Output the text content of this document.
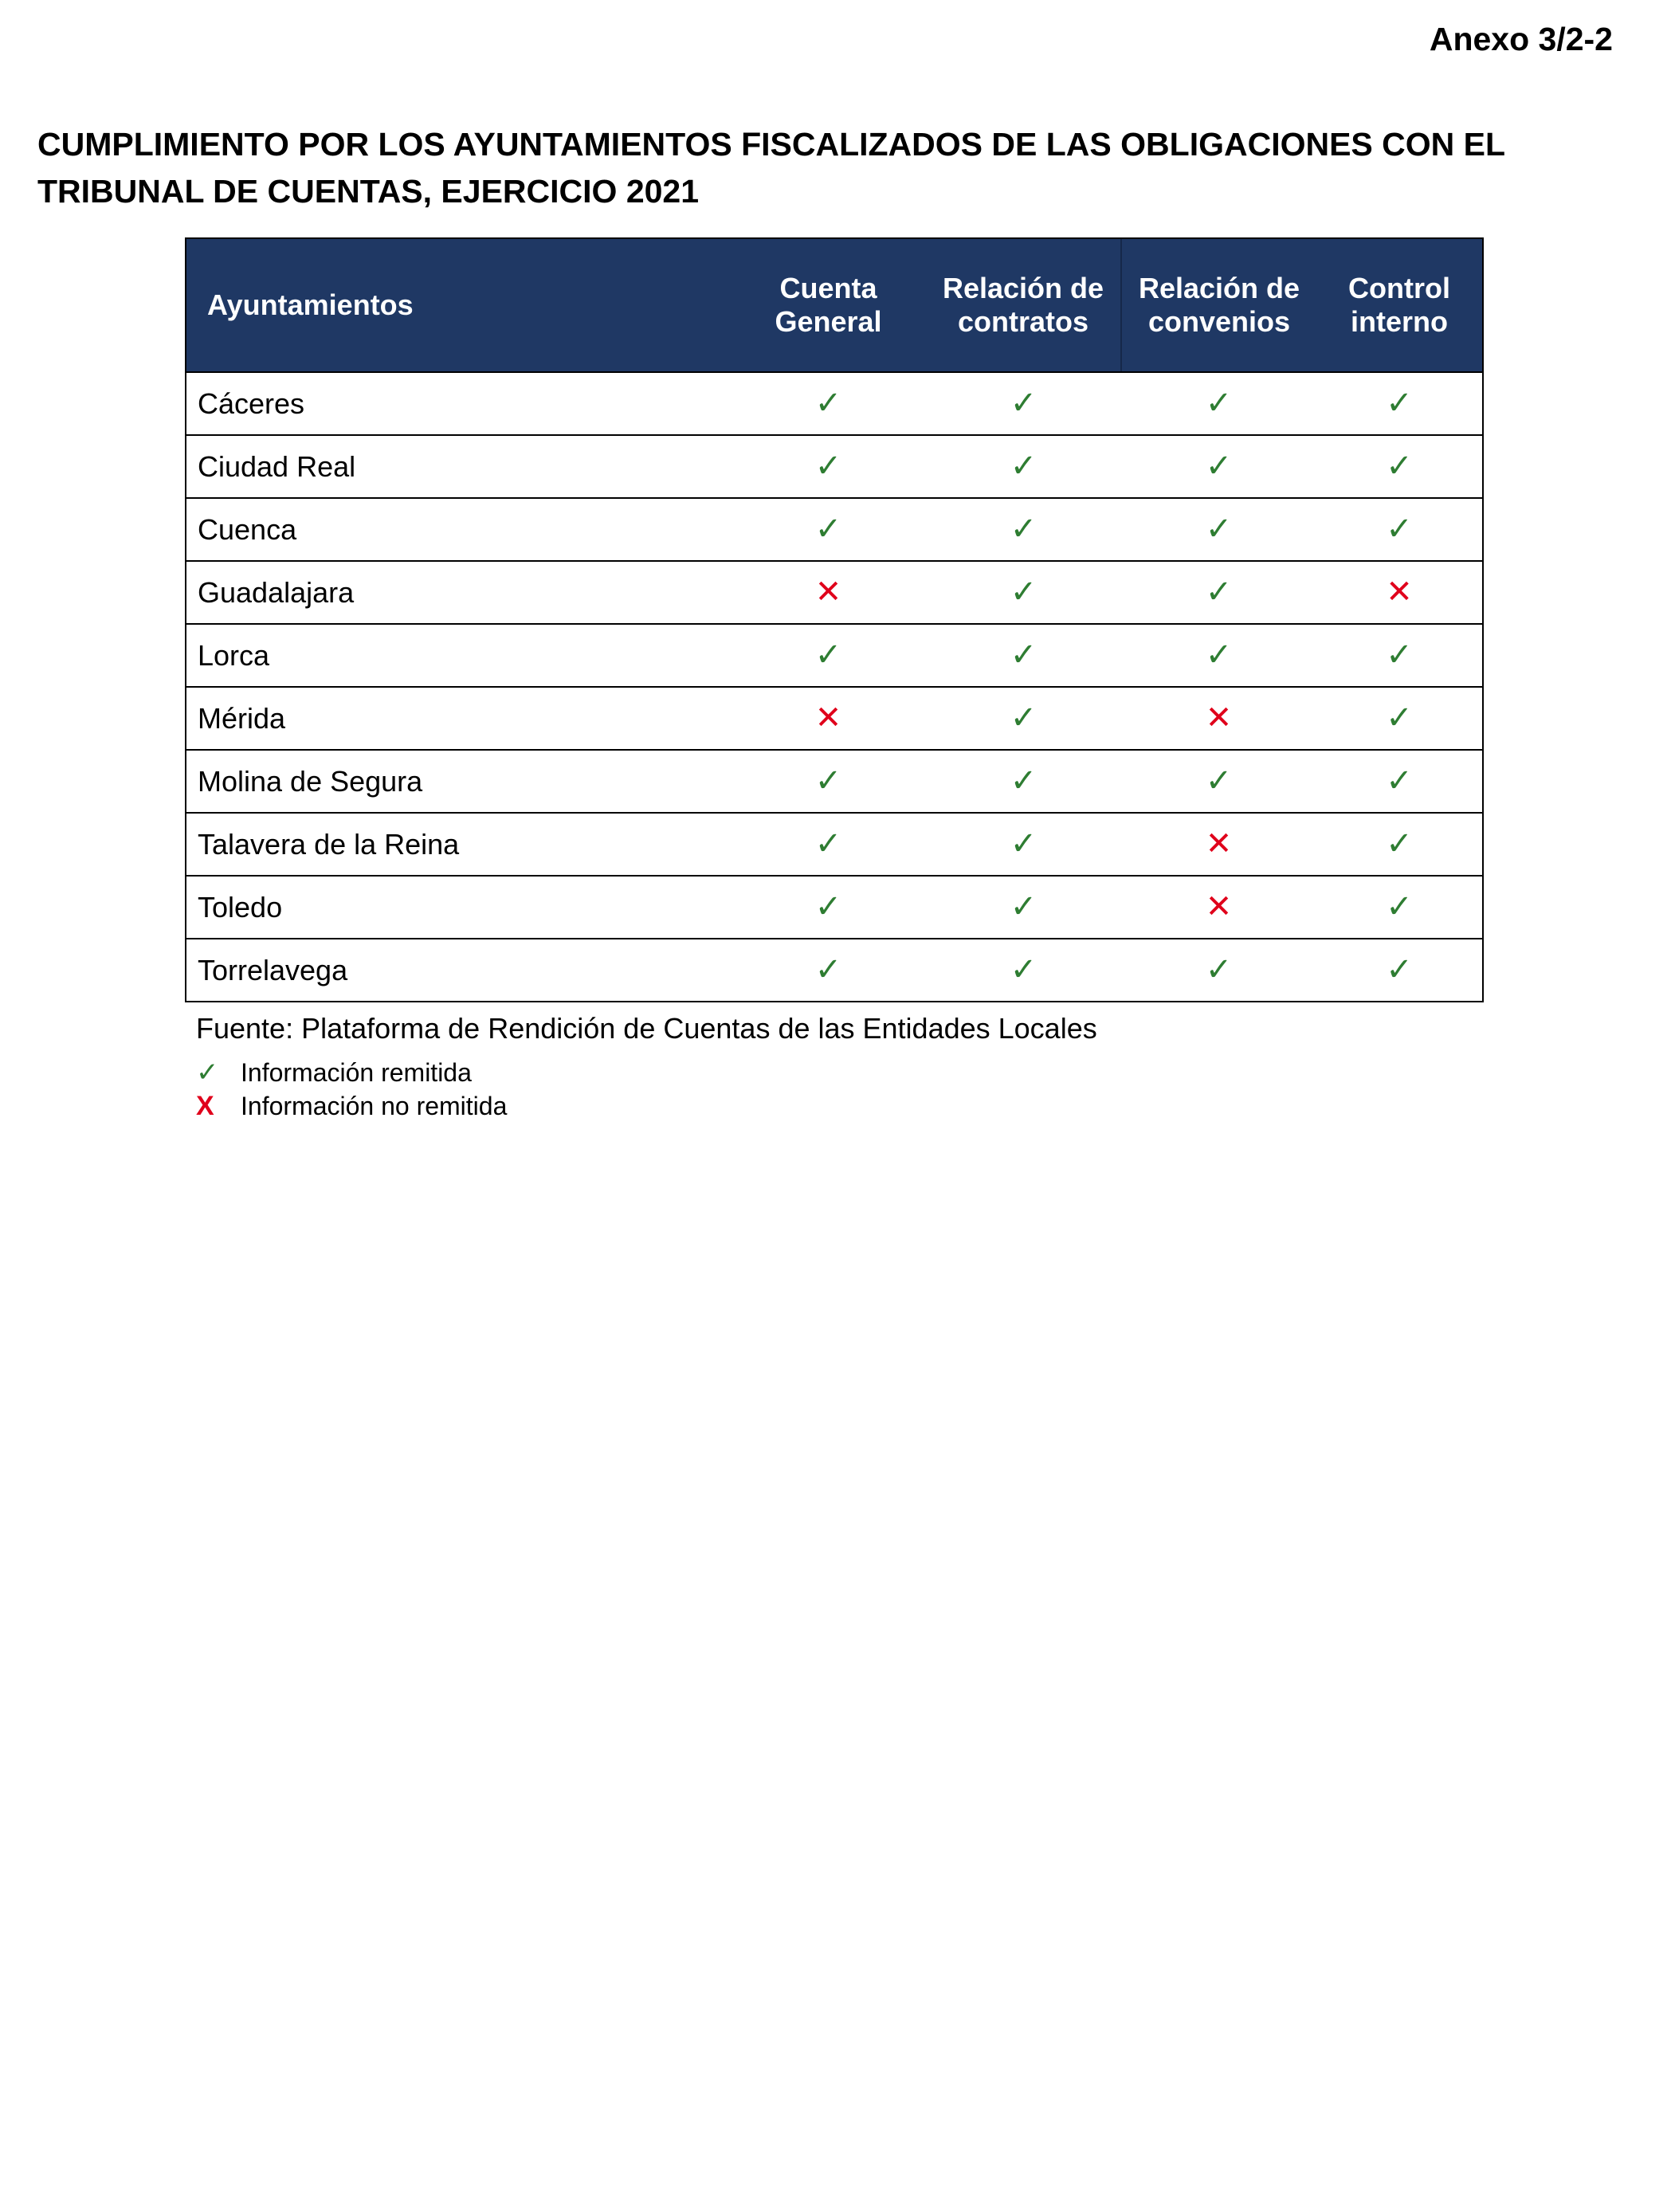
Anexo 3/2-2
CUMPLIMIENTO POR LOS AYUNTAMIENTOS FISCALIZADOS DE LAS OBLIGACIONES CON EL TRIBUNAL DE CUENTAS, EJERCICIO 2021
Ayuntamientos	Cuenta General	Relación de contratos	Relación de convenios	Control interno
Cáceres	✓	✓	✓	✓
Ciudad Real	✓	✓	✓	✓
Cuenca	✓	✓	✓	✓
Guadalajara	✕	✓	✓	✕
Lorca	✓	✓	✓	✓
Mérida	✕	✓	✕	✓
Molina de Segura	✓	✓	✓	✓
Talavera de la Reina	✓	✓	✕	✓
Toledo	✓	✓	✕	✓
Torrelavega	✓	✓	✓	✓
Fuente: Plataforma de Rendición de Cuentas de las Entidades Locales
✓ Información remitida
X	Información no remitida
